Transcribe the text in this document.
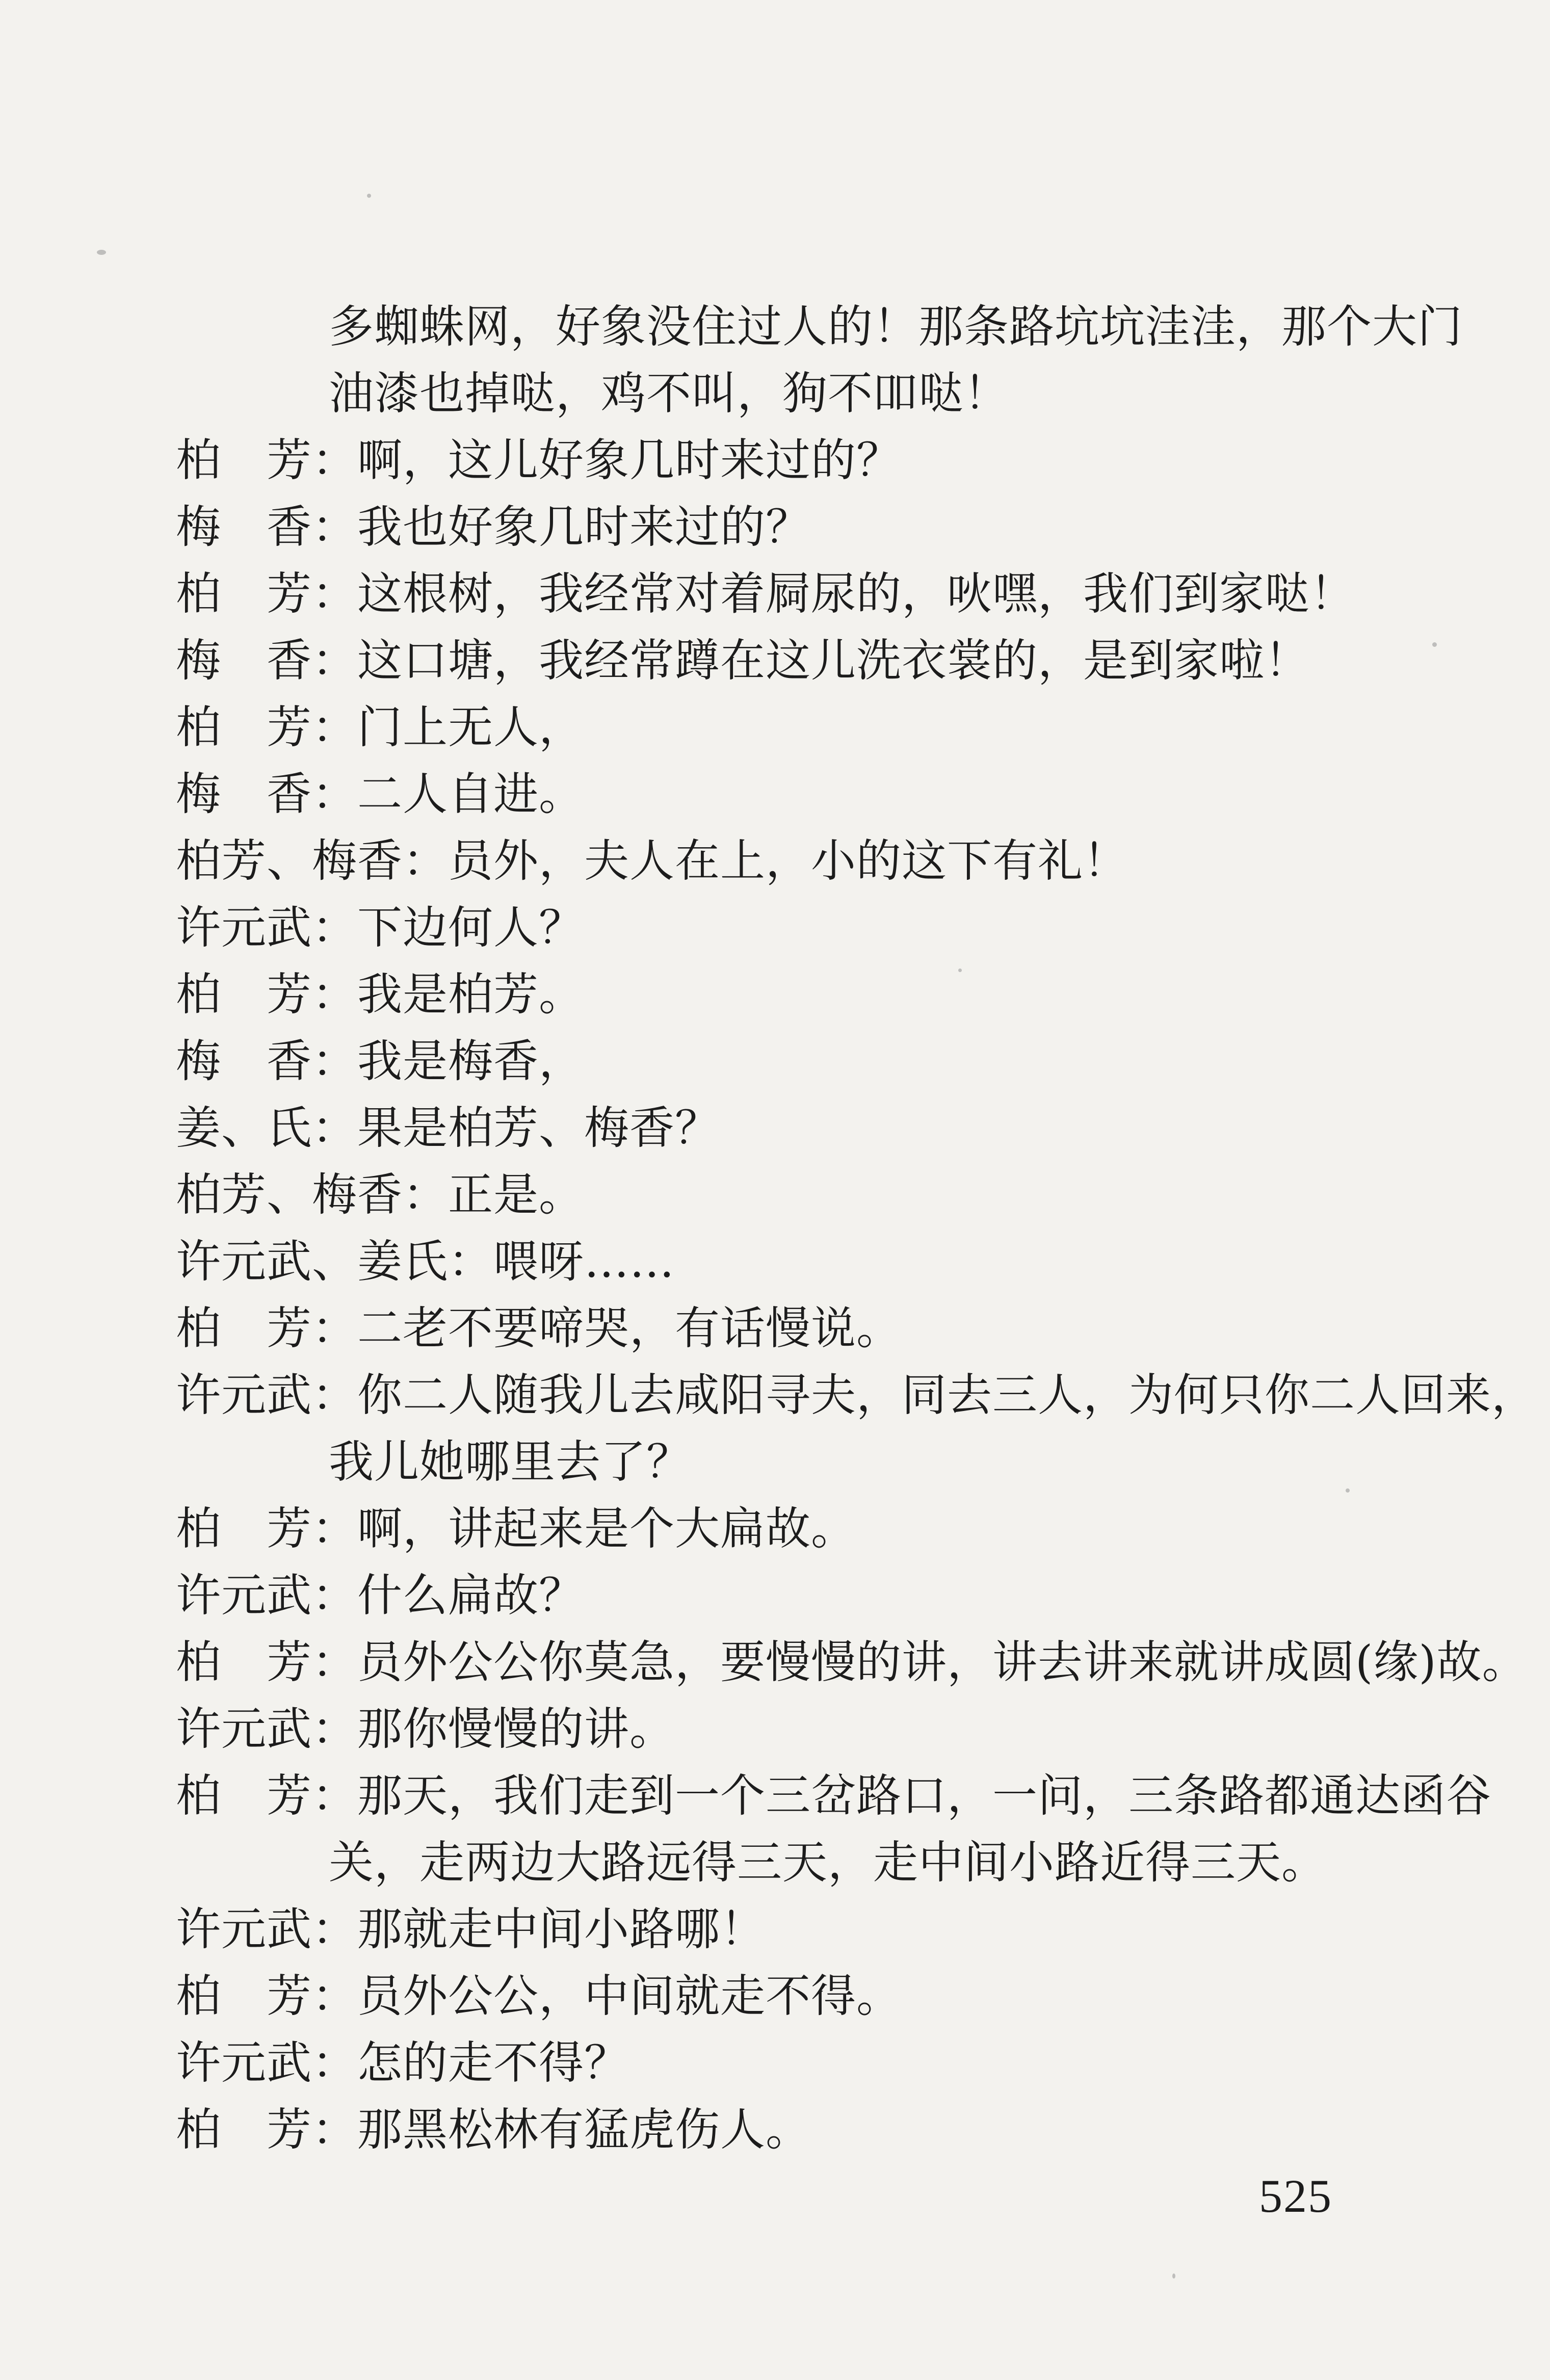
多蜘蛛网，好象没住过人的！那条路坑坑洼洼，那个大门
油漆也掉哒，鸡不叫，狗不吅哒！
柏　芳：啊，这儿好象几时来过的？
梅　香：我也好象几时来过的？
柏　芳：这根树，我经常对着屙尿的，吙嘿，我们到家哒！
梅　香：这口塘，我经常蹲在这儿洗衣裳的，是到家啦！
柏　芳：门上无人，
梅　香：二人自进。
柏芳、梅香：员外，夫人在上，小的这下有礼！
许元武：下边何人？
柏　芳：我是柏芳。
梅　香：我是梅香，
姜、氏：果是柏芳、梅香？
柏芳、梅香：正是。
许元武、姜氏：喂呀……
柏　芳：二老不要啼哭，有话慢说。
许元武：你二人随我儿去咸阳寻夫，同去三人，为何只你二人回来，
我儿她哪里去了？
柏　芳：啊，讲起来是个大扁故。
许元武：什么扁故？
柏　芳：员外公公你莫急，要慢慢的讲，讲去讲来就讲成圆(缘)故。
许元武：那你慢慢的讲。
柏　芳：那天，我们走到一个三岔路口，一问，三条路都通达函谷
关，走两边大路远得三天，走中间小路近得三天。
许元武：那就走中间小路哪！
柏　芳：员外公公，中间就走不得。
许元武：怎的走不得？
柏　芳：那黑松林有猛虎伤人。
525
